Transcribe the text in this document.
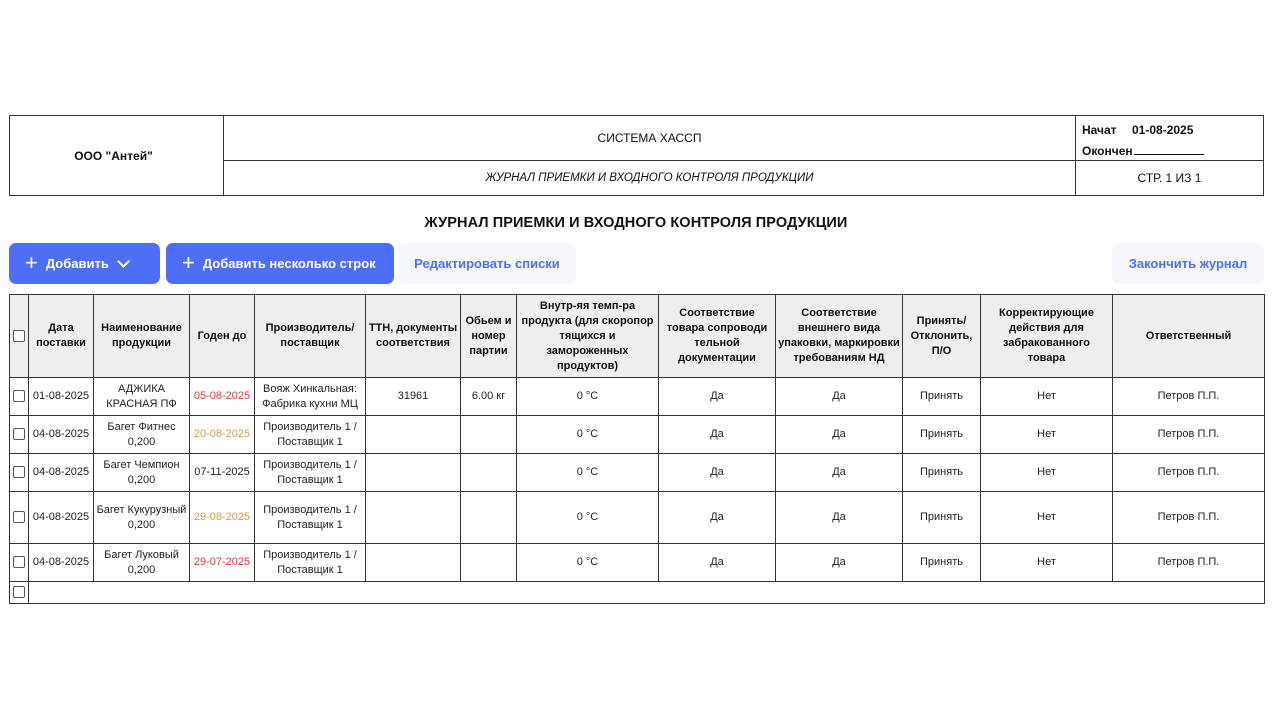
ООО "Антей"
СИСТЕМА ХАССП
ЖУРНАЛ ПРИЕМКИ И ВХОДНОГО КОНТРОЛЯ ПРОДУКЦИИ
Начат 01-08-2025
Окончен
СТР. 1 ИЗ 1
ЖУРНАЛ ПРИЕМКИ И ВХОДНОГО КОНТРОЛЯ ПРОДУКЦИИ
+ Добавить	+ Добавить несколько строк	Редактировать списки	Закончить журнал
	Дата поставки	Наименование продукции	Годен до	Производитель/ поставщик	ТТН, документы соответствия	Обьем и номер партии	Внутр-яя темп-ра продукта (для скоропор тящихся и замороженных продуктов)	Соответствие товара сопроводи тельной документации	Соответствие внешнего вида упаковки, маркировки требованиям НД	Принять/ Отклонить, П/О	Корректирующие действия для забракованного товара	Ответственный
	01-08-2025	АДЖИКА КРАСНАЯ ПФ	05-08-2025	Вояж Хинкальная: Фабрика кухни МЦ	31961	6.00 кг	0 °C	Да	Да	Принять	Нет	Петров П.П.
	04-08-2025	Багет Фитнес 0,200	20-08-2025	Производитель 1 / Поставщик 1			0 °C	Да	Да	Принять	Нет	Петров П.П.
	04-08-2025	Багет Чемпион 0,200	07-11-2025	Производитель 1 / Поставщик 1			0 °C	Да	Да	Принять	Нет	Петров П.П.
	04-08-2025	Багет Кукурузный 0,200	29-08-2025	Производитель 1 / Поставщик 1			0 °C	Да	Да	Принять	Нет	Петров П.П.
	04-08-2025	Багет Луковый 0,200	29-07-2025	Производитель 1 / Поставщик 1			0 °C	Да	Да	Принять	Нет	Петров П.П.
